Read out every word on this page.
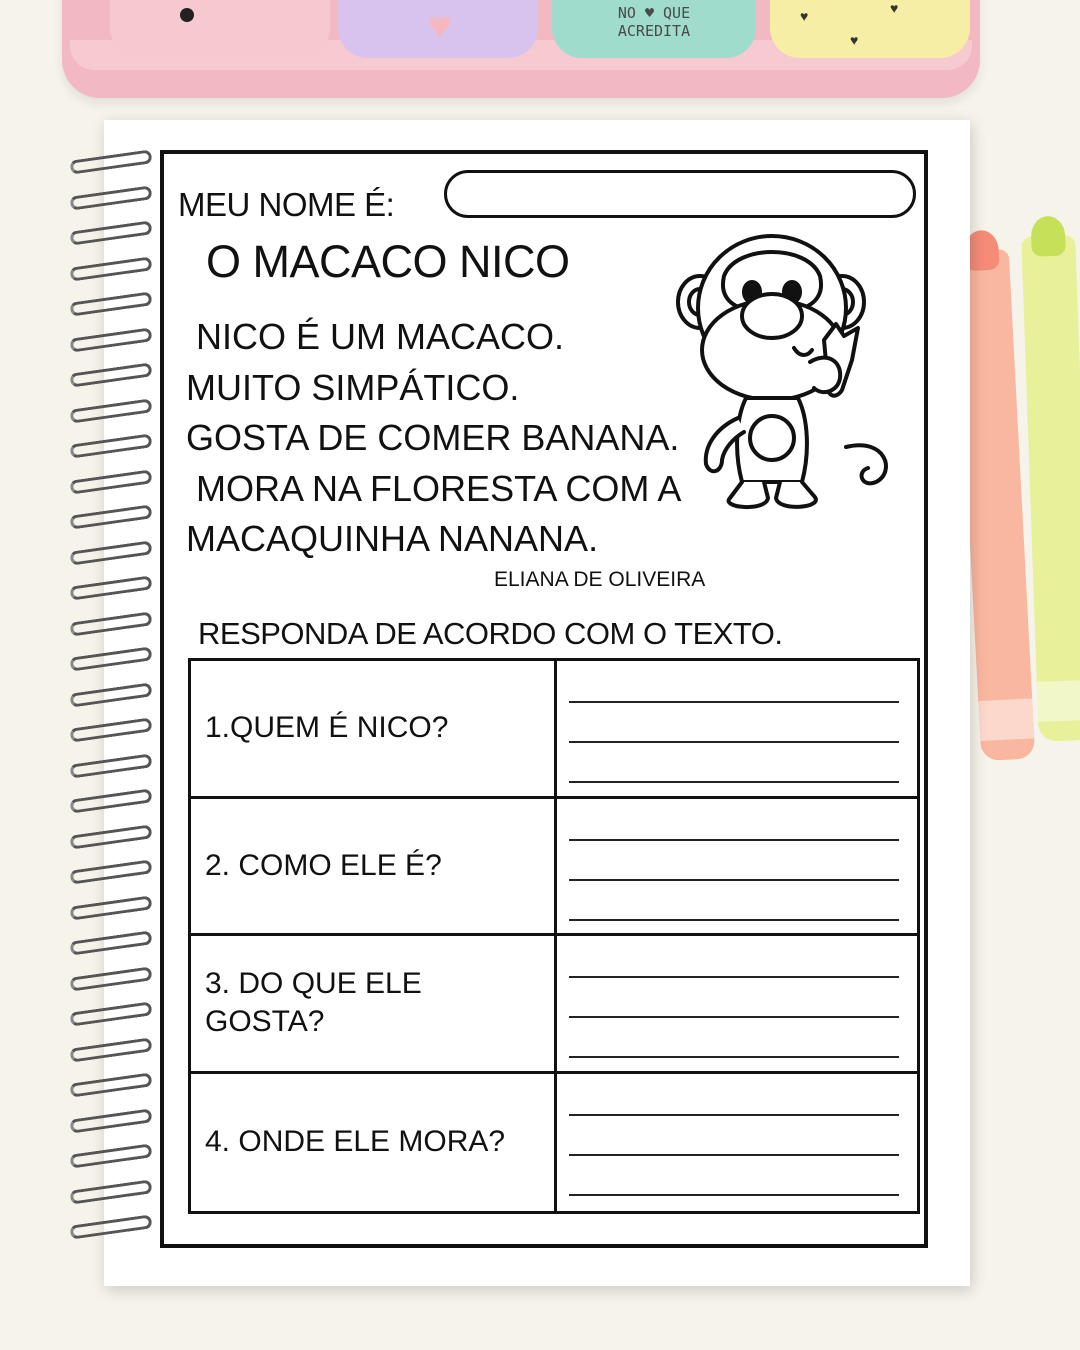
♥	NO ♥ QUE
ACREDITA
♥	♥
♥
MEU NOME É:
O MACACO NICO
NICO É UM MACACO.
MUITO SIMPÁTICO.
GOSTA DE COMER BANANA.
MORA NA FLORESTA COM A
MACAQUINHA NANANA.
ELIANA DE OLIVEIRA
RESPONDA DE ACORDO COM O TEXTO.
1.QUEM É NICO?
2. COMO ELE É?
3. DO QUE ELE GOSTA?
4. ONDE ELE MORA?
